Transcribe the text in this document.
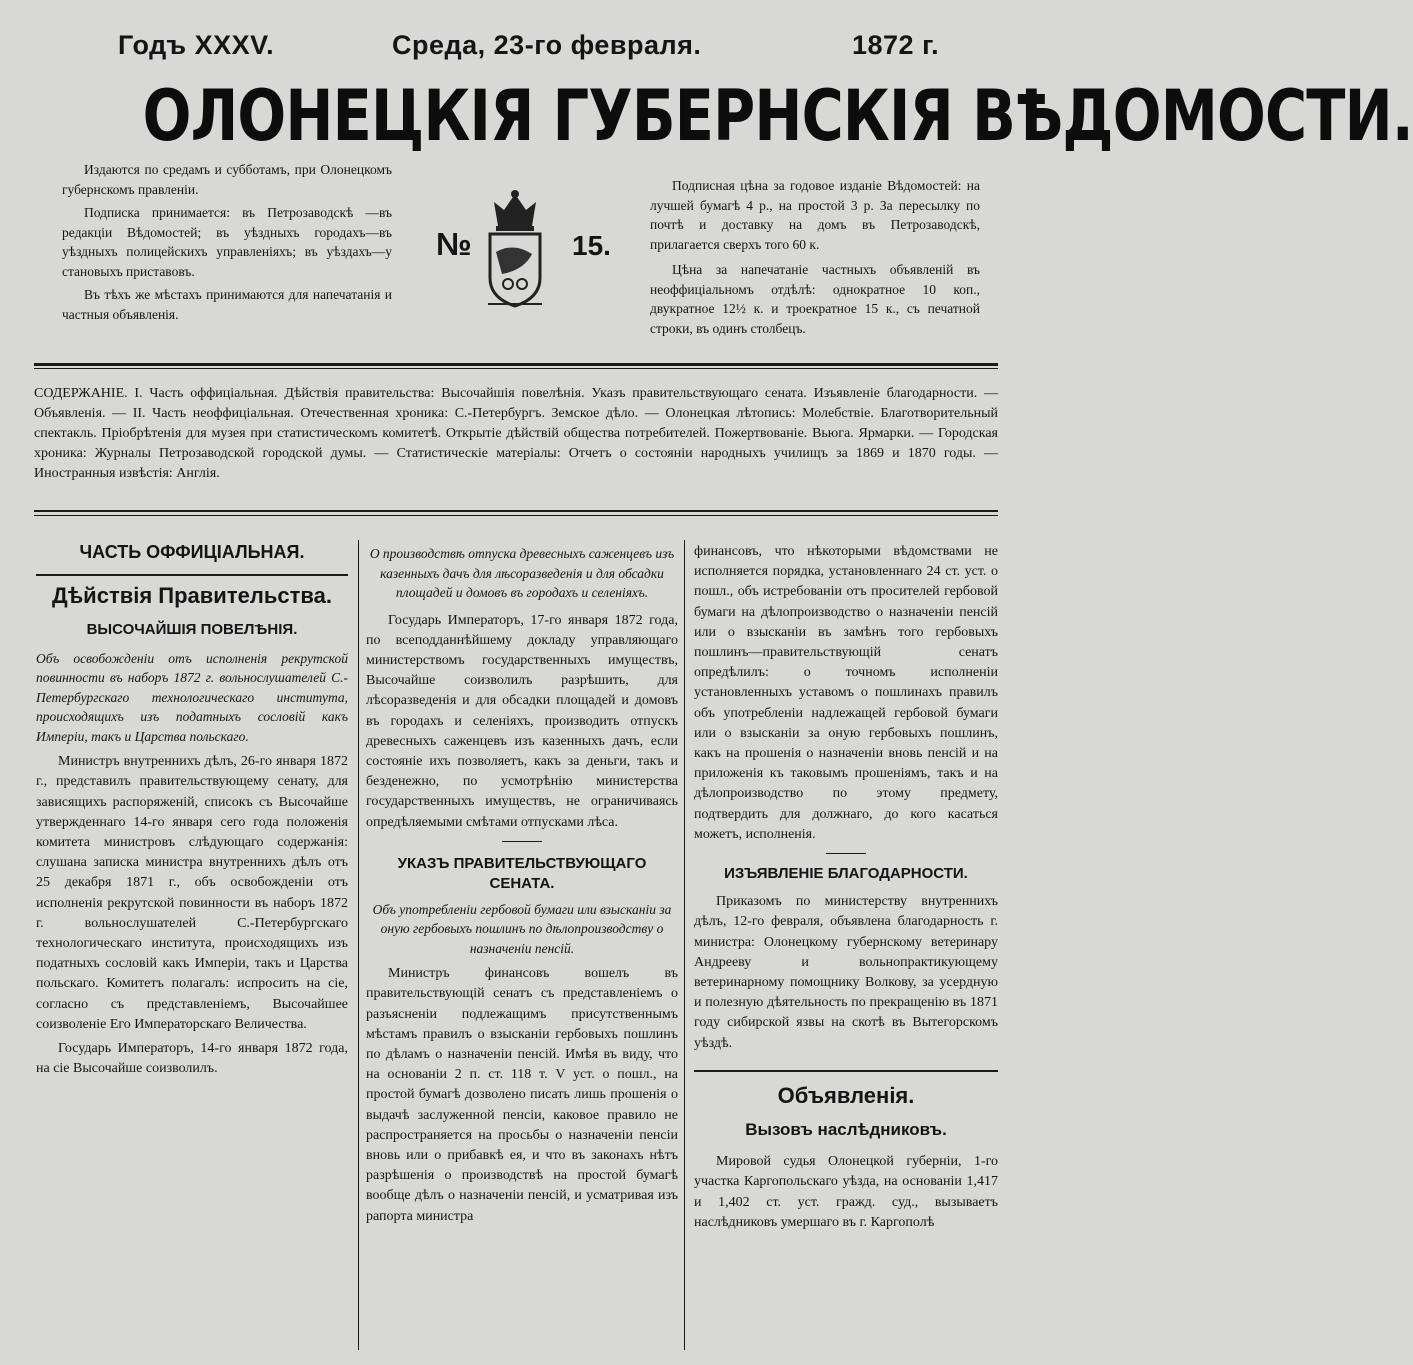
Годъ XXXV.	Среда, 23-го февраля.	1872 г.
ОЛОНЕЦКІЯ ГУБЕРНСКІЯ ВѢДОМОСТИ.

Издаются по средамъ и субботамъ, при Олонецкомъ губернскомъ правленіи.

Подписка принимается: въ Петрозаводскѣ —въ редакціи Вѣдомостей; въ уѣздныхъ городахъ—въ уѣздныхъ полицейскихъ управленіяхъ; въ уѣздахъ—у становыхъ приставовъ.

Въ тѣхъ же мѣстахъ принимаются для напечатанія и частныя объявленія.

№	15.

Подписная цѣна за годовое изданіе Вѣдомостей: на лучшей бумагѣ 4 р., на простой 3 р. За пересылку по почтѣ и доставку на домъ въ Петрозаводскѣ, прилагается сверхъ того 60 к.

Цѣна за напечатаніе частныхъ объявленій въ неоффиціальномъ отдѣлѣ: однократное 10 коп., двукратное 12½ к. и троекратное 15 к., съ печатной строки, въ одинъ столбецъ.

СОДЕРЖАНІЕ. I. Часть оффиціальная. Дѣйствія правительства: Высочайшія повелѣнія. Указъ правительствующаго сената. Изъявленіе благодарности. — Объявленія. — II. Часть неоффиціальная. Отечественная хроника: С.-Петербургъ. Земское дѣло. — Олонецкая лѣтопись: Молебствіе. Благотворительный спектакль. Пріобрѣтенія для музея при статистическомъ комитетѣ. Открытіе дѣйствій общества потребителей. Пожертвованіе. Вьюга. Ярмарки. — Городская хроника: Журналы Петрозаводской городской думы. — Статистическіе матеріалы: Отчетъ о состояніи народныхъ училищъ за 1869 и 1870 годы. — Иностранныя извѣстія: Англія.
ЧАСТЬ ОФФИЦІАЛЬНАЯ.
Дѣйствія Правительства.
ВЫСОЧАЙШІЯ ПОВЕЛѢНІЯ.

Объ освобожденіи отъ исполненія рекрутской повинности въ наборъ 1872 г. вольнослушателей С.-Петербургскаго технологическаго института, происходящихъ изъ податныхъ сословій какъ Имперіи, такъ и Царства польскаго.

Министръ внутреннихъ дѣлъ, 26-го января 1872 г., представилъ правительствующему сенату, для зависящихъ распоряженій, списокъ съ Высочайше утвержденнаго 14-го января сего года положенія комитета министровъ слѣдующаго содержанія: слушана записка министра внутреннихъ дѣлъ отъ 25 декабря 1871 г., объ освобожденіи отъ исполненія рекрутской повинности въ наборъ 1872 г. вольнослушателей С.-Петербургскаго технологическаго института, происходящихъ изъ податныхъ сословій какъ Имперіи, такъ и Царства польскаго. Комитетъ полагалъ: испросить на сіе, согласно съ представленіемъ, Высочайшее соизволеніе Его Императорскаго Величества.

Государь Императоръ, 14-го января 1872 года, на сіе Высочайше соизволилъ.

О производствѣ отпуска древесныхъ саженцевъ изъ казенныхъ дачъ для лѣсоразведенія и для обсадки площадей и домовъ въ городахъ и селеніяхъ.

Государь Императоръ, 17-го января 1872 года, по всеподданнѣйшему докладу управляющаго министерствомъ государственныхъ имуществъ, Высочайше соизволилъ разрѣшить, для лѣсоразведенія и для обсадки площадей и домовъ въ городахъ и селеніяхъ, производить отпускъ древесныхъ саженцевъ изъ казенныхъ дачъ, если состояніе ихъ позволяетъ, какъ за деньги, такъ и безденежно, по усмотрѣнію министерства государственныхъ имуществъ, не ограничиваясь опредѣляемыми смѣтами отпусками лѣса.

УКАЗЪ ПРАВИТЕЛЬСТВУЮЩАГО СЕНАТА.

Объ употребленіи гербовой бумаги или взысканіи за оную гербовыхъ пошлинъ по дѣлопроизводству о назначеніи пенсій.

Министръ финансовъ вошелъ въ правительствующій сенатъ съ представленіемъ о разъясненіи подлежащимъ присутственнымъ мѣстамъ правилъ о взысканіи гербовыхъ пошлинъ по дѣламъ о назначеніи пенсій. Имѣя въ виду, что на основаніи 2 п. ст. 118 т. V уст. о пошл., на простой бумагѣ дозволено писать лишь прошенія о выдачѣ заслуженной пенсіи, каковое правило не распространяется на просьбы о назначеніи пенсіи вновь или о прибавкѣ ея, и что въ законахъ нѣтъ разрѣшенія о производствѣ на простой бумагѣ вообще дѣлъ о назначеніи пенсій, и усматривая изъ рапорта министра

финансовъ, что нѣкоторыми вѣдомствами не исполняется порядка, установленнаго 24 ст. уст. о пошл., объ истребованіи отъ просителей гербовой бумаги на дѣлопроизводство о назначеніи пенсій или о взысканіи въ замѣнъ того гербовыхъ пошлинъ—правительствующій сенатъ опредѣлилъ: о точномъ исполненіи установленныхъ уставомъ о пошлинахъ правилъ объ употребленіи надлежащей гербовой бумаги или о взысканіи за оную гербовыхъ пошлинъ, какъ на прошенія о назначеніи вновь пенсій и на приложенія къ таковымъ прошеніямъ, такъ и на дѣлопроизводство по этому предмету, подтвердить для должнаго, до кого касаться можетъ, исполненія.

ИЗЪЯВЛЕНІЕ БЛАГОДАРНОСТИ.

Приказомъ по министерству внутреннихъ дѣлъ, 12-го февраля, объявлена благодарность г. министра: Олонецкому губернскому ветеринару Андрееву и вольнопрактикующему ветеринарному помощнику Волкову, за усердную и полезную дѣятельность по прекращенію въ 1871 году сибирской язвы на скотѣ въ Вытегорскомъ уѣздѣ.

Объявленія.
Вызовъ наслѣдниковъ.

Мировой судья Олонецкой губерніи, 1-го участка Каргопольскаго уѣзда, на основаніи 1,417 и 1,402 ст. уст. гражд. суд., вызываетъ наслѣдниковъ умершаго въ г. Каргополѣ
